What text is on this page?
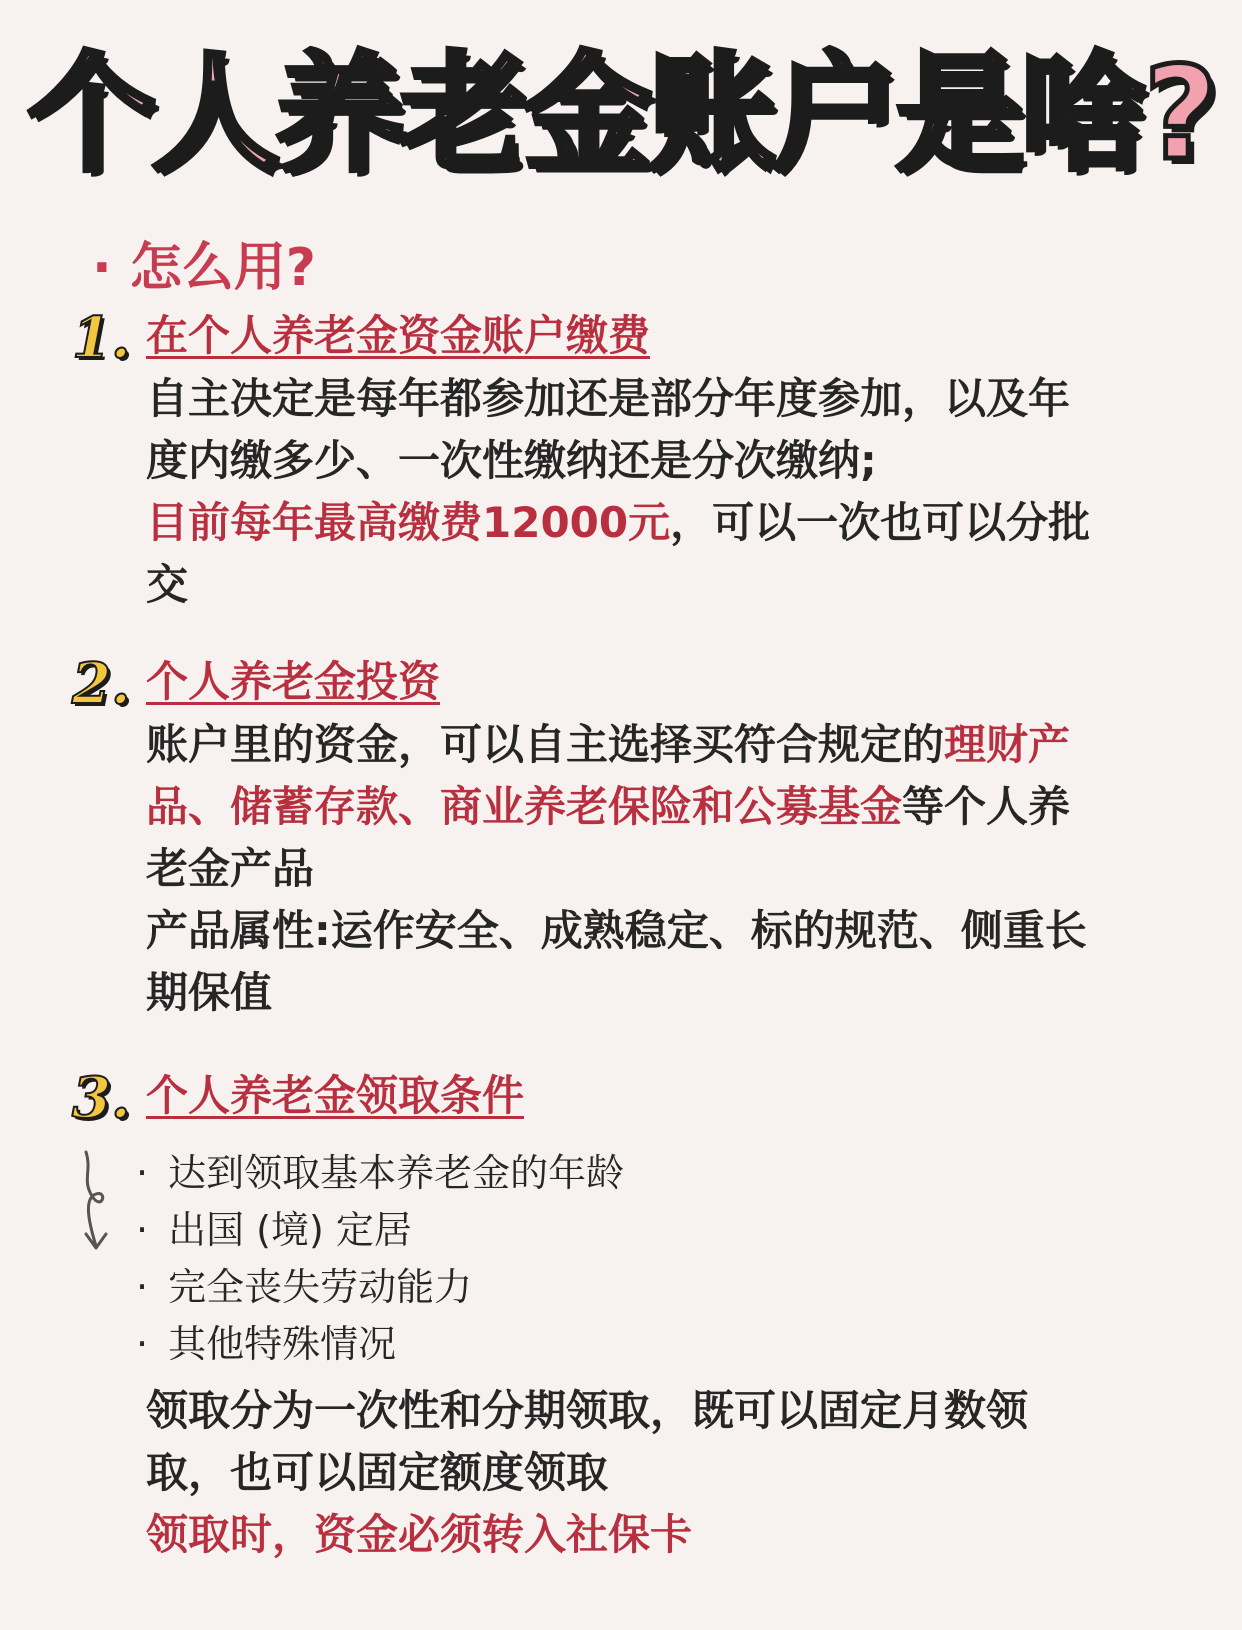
个人养老金账户是啥?
· 怎么用?
1. 在个人养老金资金账户缴费
自主决定是每年都参加还是部分年度参加，以及年
度内缴多少、一次性缴纳还是分次缴纳;
目前每年最高缴费12000元，可以一次也可以分批
交
2. 个人养老金投资
账户里的资金，可以自主选择买符合规定的理财产
品、储蓄存款、商业养老保险和公募基金等个人养
老金产品
产品属性:运作安全、成熟稳定、标的规范、侧重长
期保值
3. 个人养老金领取条件
· 达到领取基本养老金的年龄
· 出国 (境) 定居
· 完全丧失劳动能力
· 其他特殊情况
领取分为一次性和分期领取，既可以固定月数领
取，也可以固定额度领取
领取时，资金必须转入社保卡
